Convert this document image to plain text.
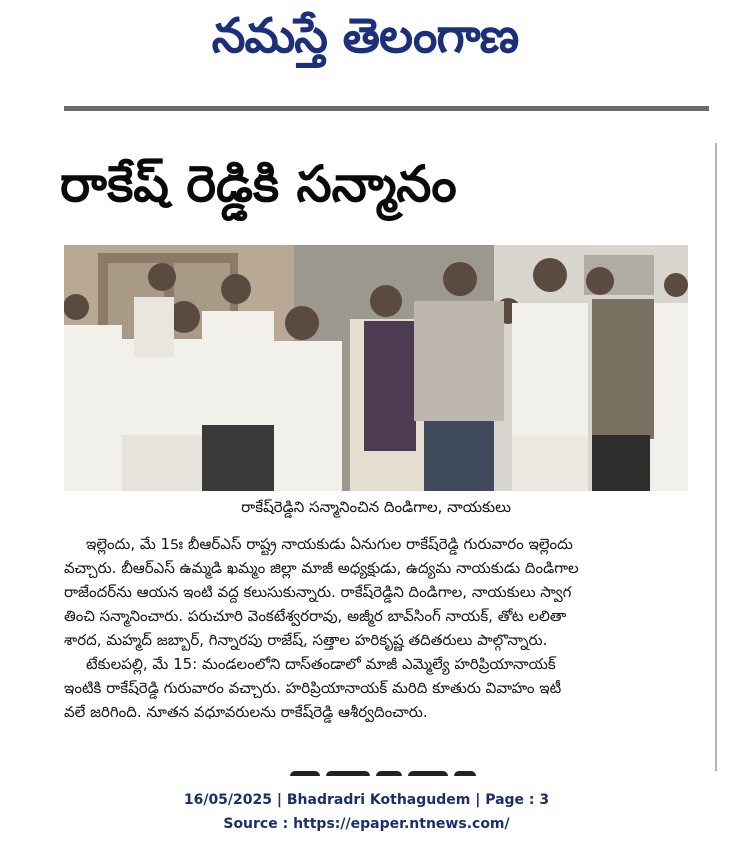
నమస్తే తెలంగాణ
రాకేష్ రెడ్డికి సన్మానం
రాకేష్‌రెడ్డిని సన్మానించిన దిండిగాల, నాయకులు

ఇల్లెందు, మే 15ః బీఆర్ఎస్ రాష్ట్ర నాయకుడు ఏనుగుల రాకేష్‌రెడ్డి గురువారం ఇల్లెందు

వచ్చారు. బీఆర్ఎస్ ఉమ్మడి ఖమ్మం జిల్లా మాజీ అధ్యక్షుడు, ఉద్యమ నాయకుడు దిండిగాల

రాజేందర్‌ను ఆయన ఇంటి వద్ద కలుసుకున్నారు. రాకేష్‌రెడ్డిని దిండిగాల, నాయకులు స్వాగ

తించి సన్మానించారు. పరుచూరి వెంకటేశ్వరరావు, అజ్మీర బావ్‌సింగ్ నాయక్, తోట లలితా

శారద, మహ్మద్ జబ్బార్, గిన్నారపు రాజేష్, సత్తాల హరికృష్ణ తదితరులు పాల్గొన్నారు.

టేకులపల్లి, మే 15: మండలంలోని దాస్‌తండాలో మాజీ ఎమ్మెల్యే హరిప్రియానాయక్

ఇంటికి రాకేష్‌రెడ్డి గురువారం వచ్చారు. హరిప్రియానాయక్ మరిది కూతురు వివాహం ఇటీ

వలే జరిగింది. నూతన వధూవరులను రాకేష్‌రెడ్డి ఆశీర్వదించారు.

16/05/2025 | Bhadradri Kothagudem | Page : 3
Source : https://epaper.ntnews.com/
